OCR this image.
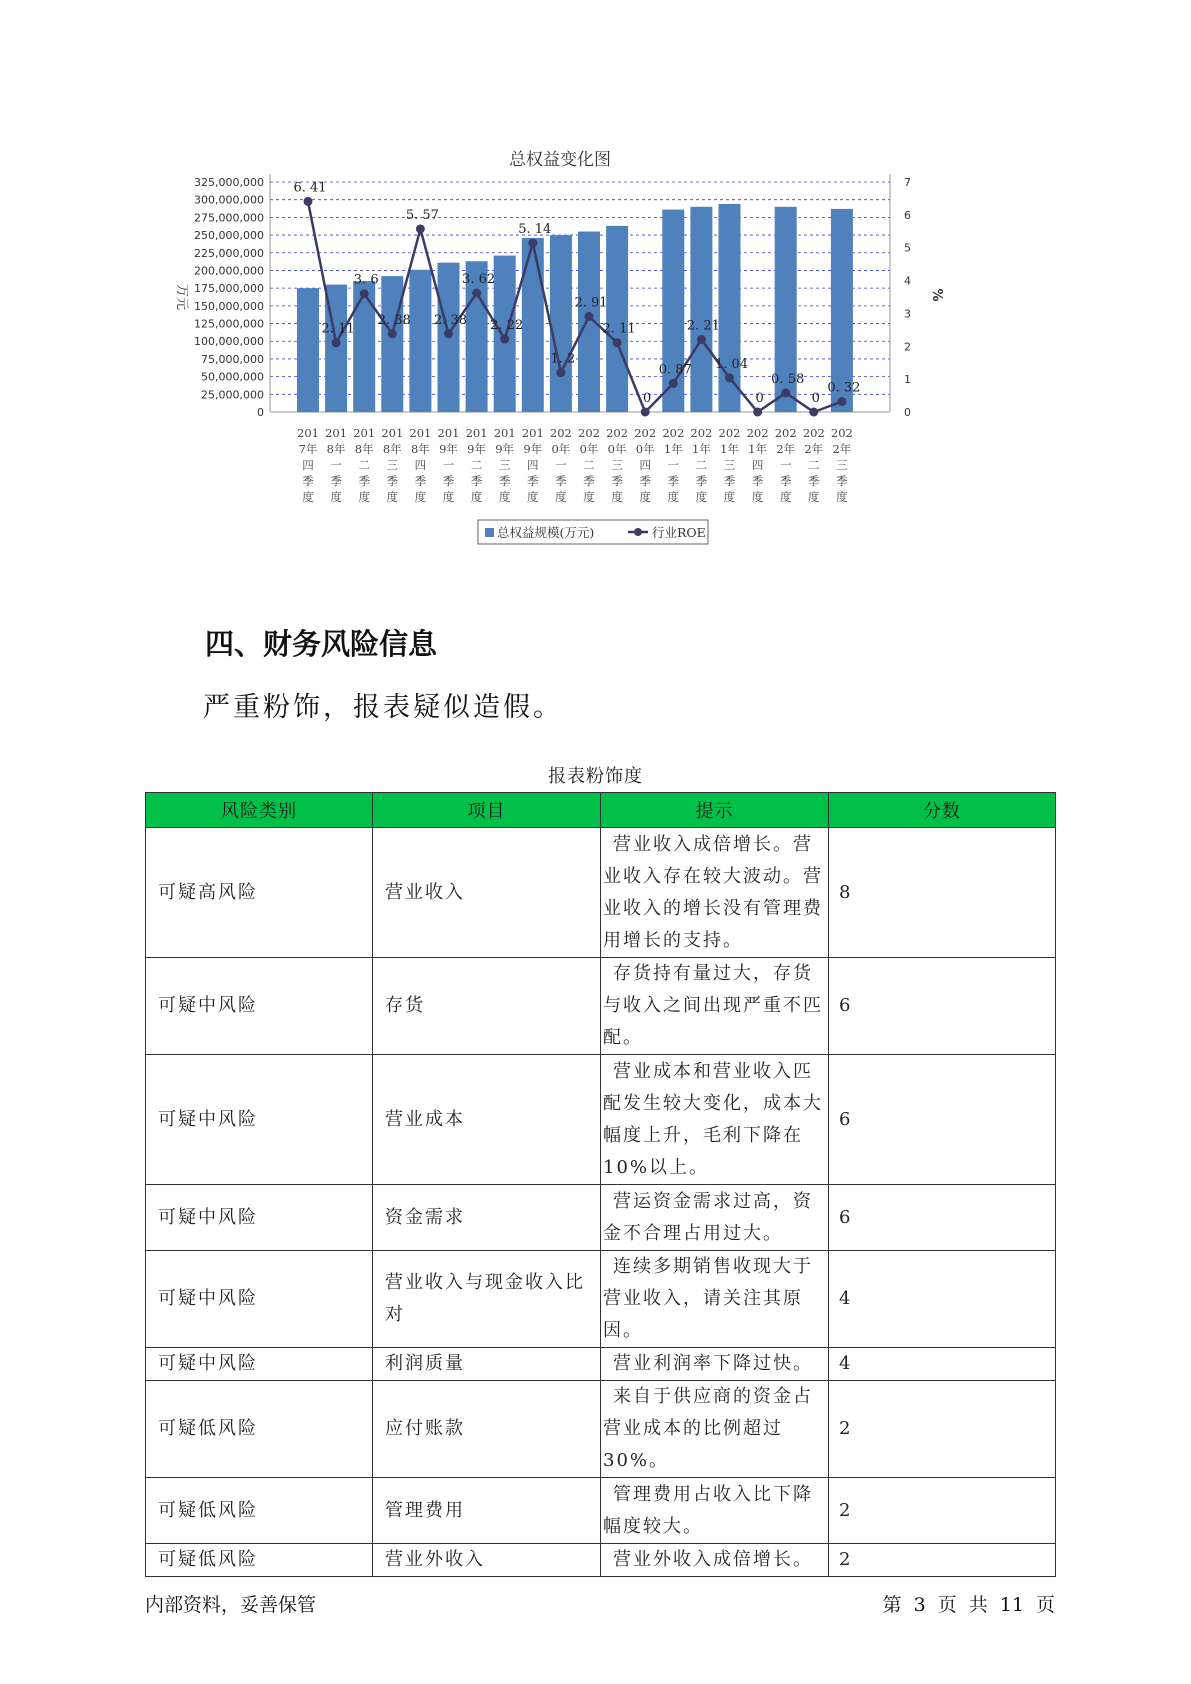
0
25,000,000
50,000,000
75,000,000
100,000,000
125,000,000
150,000,000
175,000,000
200,000,000
225,000,000
250,000,000
275,000,000
300,000,000
325,000,000
0
1
2
3
4
5
6
7
万元	%
6. 41
2. 11
3. 6
2. 38
5. 57
2. 38
3. 62
2. 22
5. 14
1. 2
2. 91
2. 11
0
0. 87
2. 21
1. 04
0
0. 58
0
0. 32
201
7年
四
季
度
201
8年
一
季
度
201
8年
二
季
度
201
8年
三
季
度
201
8年
四
季
度
201
9年
一
季
度
201
9年
二
季
度
201
9年
三
季
度
201
9年
四
季
度
202
0年
一
季
度
202
0年
二
季
度
202
0年
三
季
度
202
0年
四
季
度
202
1年
一
季
度
202
1年
二
季
度
202
1年
三
季
度
202
1年
四
季
度
202
2年
一
季
度
202
2年
二
季
度
202
2年
三
季
度
总权益规模(万元)	行业ROE
总权益变化图
四、财务风险信息
严重粉饰，报表疑似造假。
报表粉饰度
风险类别	项目	提示	分数
可疑高风险	营业收入	营业收入成倍增长。营业收入存在较大波动。营业收入的增长没有管理费用增长的支持。	8
可疑中风险	存货	存货持有量过大，存货与收入之间出现严重不匹配。	6
可疑中风险	营业成本	营业成本和营业收入匹配发生较大变化，成本大幅度上升，毛利下降在10%以上。	6
可疑中风险	资金需求	营运资金需求过高，资金不合理占用过大。	6
可疑中风险	营业收入与现金收入比对	连续多期销售收现大于营业收入，请关注其原因。	4
可疑中风险	利润质量	营业利润率下降过快。	4
可疑低风险	应付账款	来自于供应商的资金占营业成本的比例超过30%。	2
可疑低风险	管理费用	管理费用占收入比下降幅度较大。	2
可疑低风险	营业外收入	营业外收入成倍增长。	2
内部资料，妥善保管	第 3 页 共 11 页
